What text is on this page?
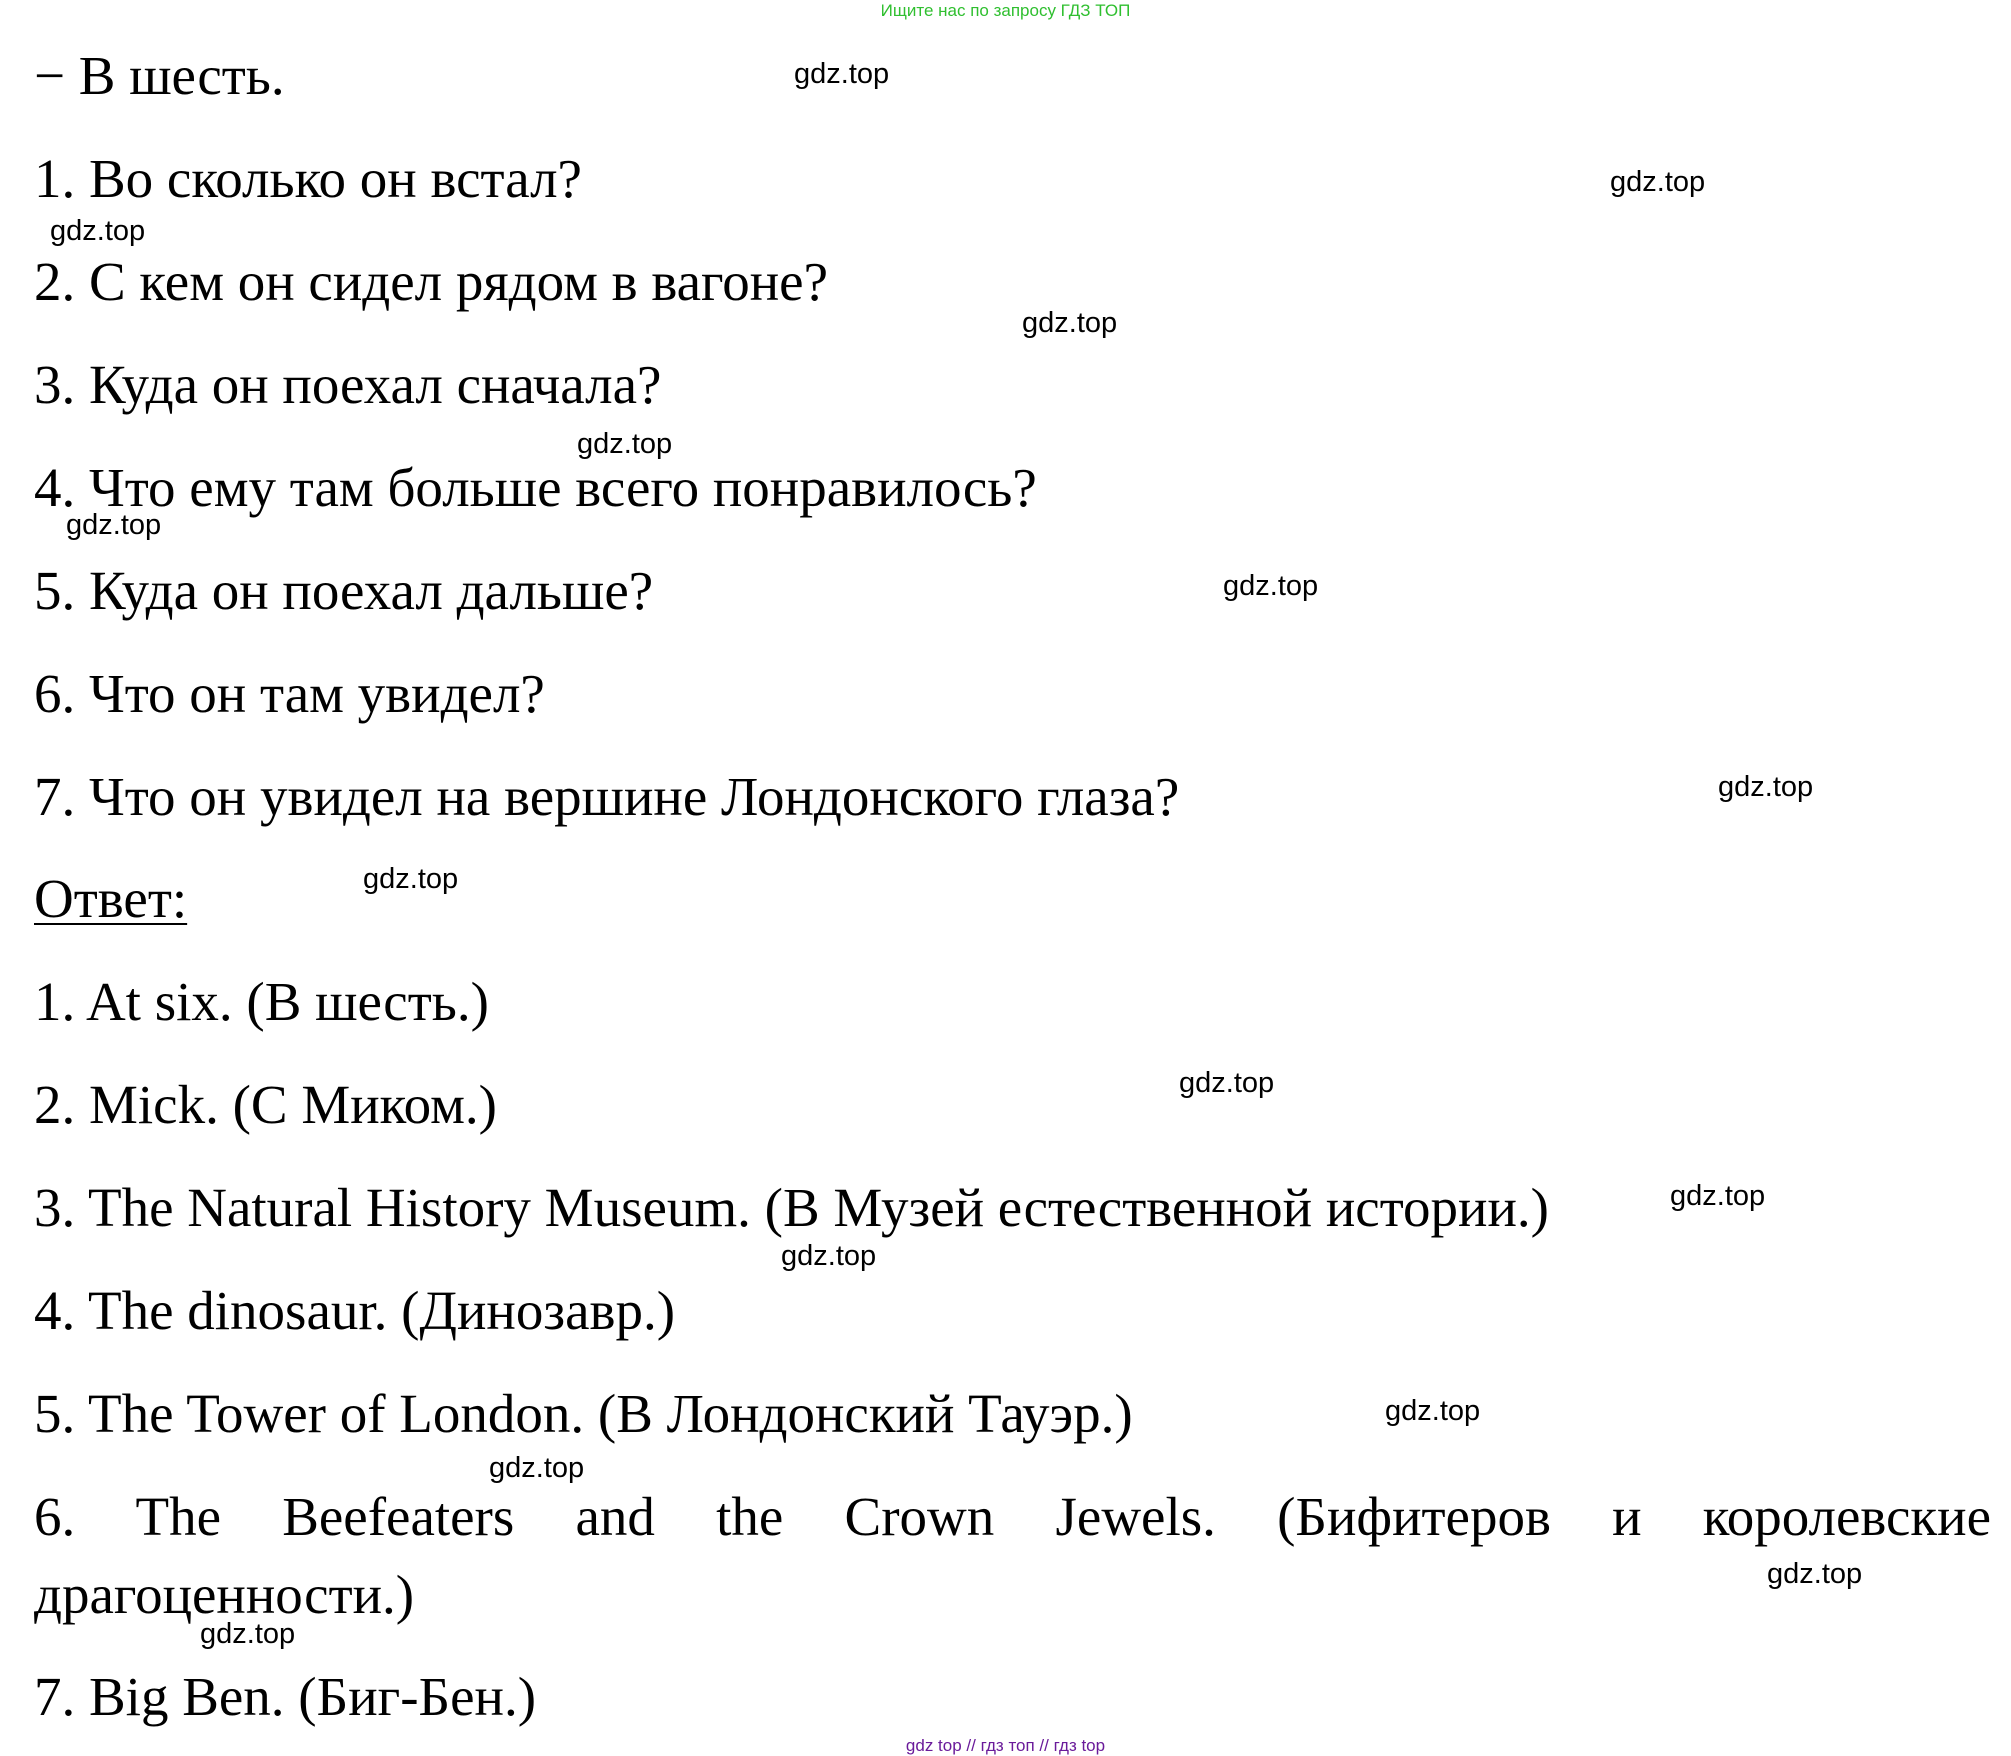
Ищите нас по запросу ГДЗ ТОП
− В шесть.
1. Во сколько он встал?
2. С кем он сидел рядом в вагоне?
3. Куда он поехал сначала?
4. Что ему там больше всего понравилось?
5. Куда он поехал дальше?
6. Что он там увидел?
7. Что он увидел на вершине Лондонского глаза?
Ответ:
1. At six. (В шесть.)
2. Mick. (С Миком.)
3. The Natural History Museum. (В Музей естественной истории.)
4. The dinosaur. (Динозавр.)
5. The Tower of London. (В Лондонский Тауэр.)
6. The Beefeaters and the Crown Jewels. (Бифитеров и королевские
драгоценности.)
7. Big Ben. (Биг-Бен.)
gdz.top
gdz.top
gdz.top
gdz.top
gdz.top
gdz.top
gdz.top
gdz.top
gdz.top
gdz.top
gdz.top
gdz.top
gdz.top
gdz.top
gdz.top
gdz.top
gdz top // гдз топ // гдз top
